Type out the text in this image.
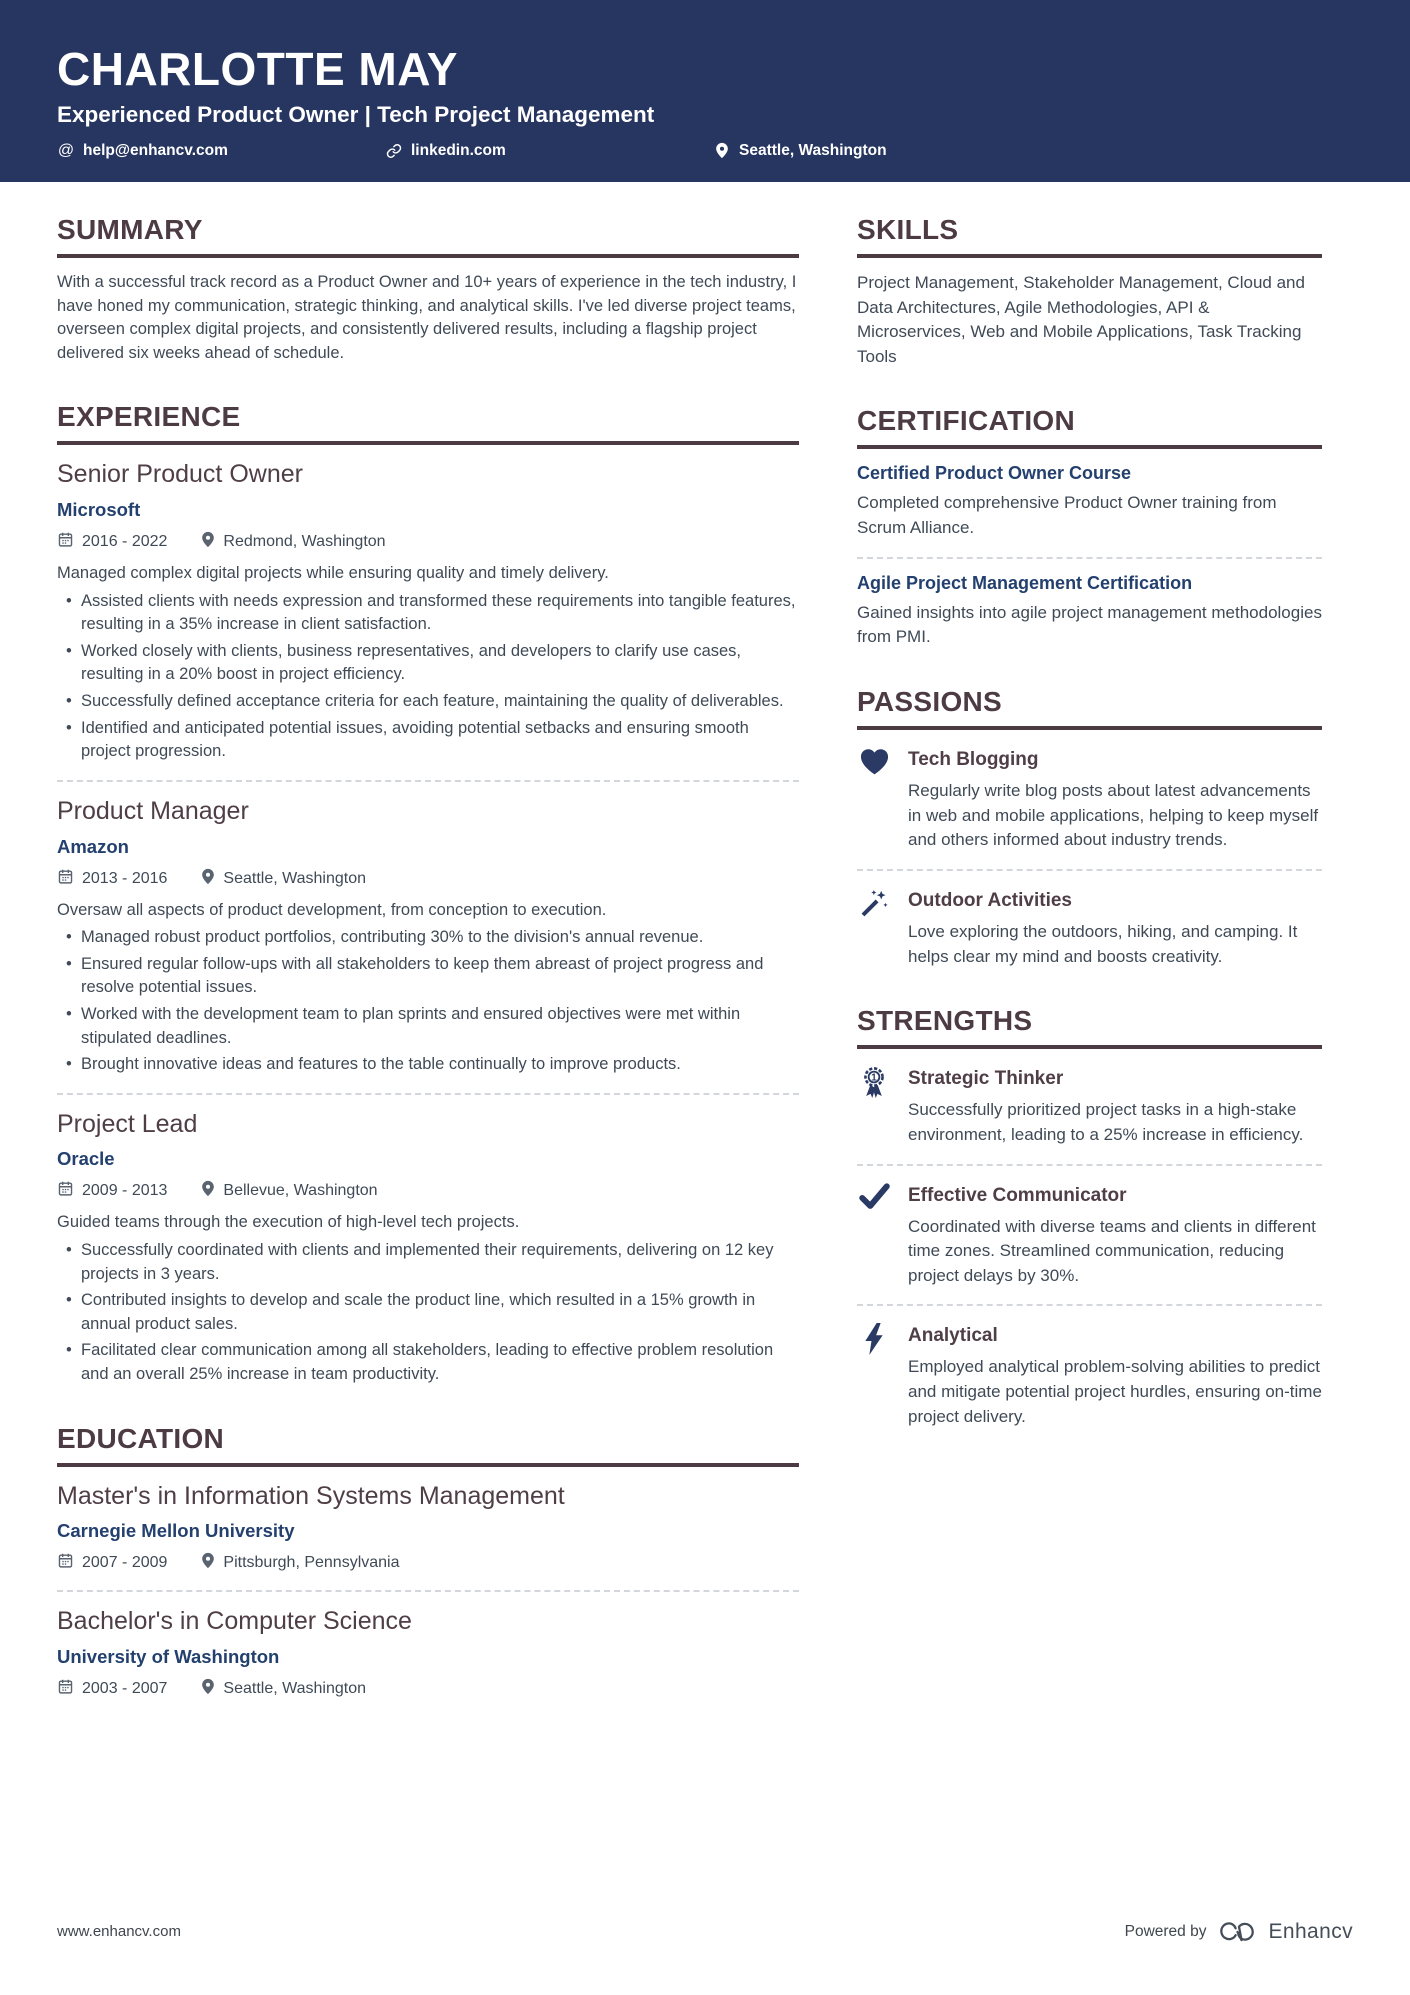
CHARLOTTE MAY
Experienced Product Owner | Tech Project Management
@ help@enhancv.com	linkedin.com	Seattle, Washington
SUMMARY

With a successful track record as a Product Owner and 10+ years of experience in the tech industry, I have honed my communication, strategic thinking, and analytical skills. I've led diverse project teams, overseen complex digital projects, and consistently delivered results, including a flagship project delivered six weeks ahead of schedule.

EXPERIENCE
Senior Product Owner
Microsoft
2016 - 2022	Redmond, Washington

Managed complex digital projects while ensuring quality and timely delivery.

• Assisted clients with needs expression and transformed these requirements into tangible features, resulting in a 35% increase in client satisfaction.
• Worked closely with clients, business representatives, and developers to clarify use cases, resulting in a 20% boost in project efficiency.
• Successfully defined acceptance criteria for each feature, maintaining the quality of deliverables.
• Identified and anticipated potential issues, avoiding potential setbacks and ensuring smooth project progression.
Product Manager
Amazon
2013 - 2016	Seattle, Washington

Oversaw all aspects of product development, from conception to execution.

• Managed robust product portfolios, contributing 30% to the division's annual revenue.
• Ensured regular follow-ups with all stakeholders to keep them abreast of project progress and resolve potential issues.
• Worked with the development team to plan sprints and ensured objectives were met within stipulated deadlines.
• Brought innovative ideas and features to the table continually to improve products.
Project Lead
Oracle
2009 - 2013	Bellevue, Washington

Guided teams through the execution of high-level tech projects.

• Successfully coordinated with clients and implemented their requirements, delivering on 12 key projects in 3 years.
• Contributed insights to develop and scale the product line, which resulted in a 15% growth in annual product sales.
• Facilitated clear communication among all stakeholders, leading to effective problem resolution and an overall 25% increase in team productivity.
EDUCATION
Master's in Information Systems Management
Carnegie Mellon University
2007 - 2009	Pittsburgh, Pennsylvania
Bachelor's in Computer Science
University of Washington
2003 - 2007	Seattle, Washington
SKILLS

Project Management, Stakeholder Management, Cloud and Data Architectures, Agile Methodologies, API & Microservices, Web and Mobile Applications, Task Tracking Tools

CERTIFICATION
Certified Product Owner Course

Completed comprehensive Product Owner training from Scrum Alliance.

Agile Project Management Certification

Gained insights into agile project management methodologies from PMI.

PASSIONS
Tech Blogging

Regularly write blog posts about latest advancements in web and mobile applications, helping to keep myself and others informed about industry trends.

Outdoor Activities

Love exploring the outdoors, hiking, and camping. It helps clear my mind and boosts creativity.

STRENGTHS
1 Strategic Thinker

Successfully prioritized project tasks in a high-stake environment, leading to a 25% increase in efficiency.

Effective Communicator

Coordinated with diverse teams and clients in different time zones. Streamlined communication, reducing project delays by 30%.

Analytical

Employed analytical problem-solving abilities to predict and mitigate potential project hurdles, ensuring on-time project delivery.

www.enhancv.com	Powered by	Enhancv
